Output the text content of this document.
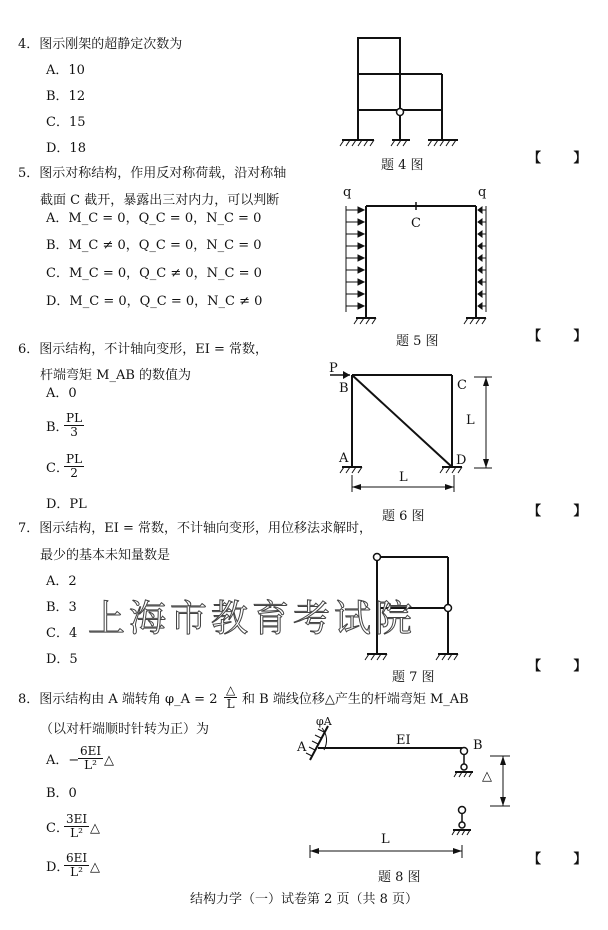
4．图示刚架的超静定次数为
A．10
B．12
C．15
D．18
【 】
题 4 图
5．图示对称结构，作用反对称荷载，沿对称轴
截面 C 截开，暴露出三对内力，可以判断
A．M_C = 0，Q_C = 0，N_C = 0
B．M_C ≠ 0，Q_C = 0，N_C = 0
C．M_C = 0，Q_C ≠ 0，N_C = 0
D．M_C = 0，Q_C = 0，N_C ≠ 0
【 】
q	q
C
题 5 图
6．图示结构，不计轴向变形，EI = 常数，
杆端弯矩 M_AB 的数值为
A．0
B．
$\frac{PL}{3}$
C．
$\frac{PL}{2}$
D．PL	【 】
P
B	C
A	D
L
L
题 6 图
7．图示结构，EI = 常数，不计轴向变形，用位移法求解时，
最少的基本未知量数是
A．2
B．3
C．4
D．5	【 】
题 7 图
上海市教育考试院
8．图示结构由 A 端转角 φ_A = 2
△
L 和 B 端线位移△产生的杆端弯矩 M_AB
（以对杆端顺时针转为正）为
A．−
$\frac{6EI}{\text{L²}}$ △
B．0
C．
$\frac{3EI}{\text{L²}}$ △
D．
$\frac{6EI}{\text{L²}}$ △
【 】
φA
A	EI	B
△
L
题 8 图
结构力学（一）试卷第 2 页（共 8 页）
